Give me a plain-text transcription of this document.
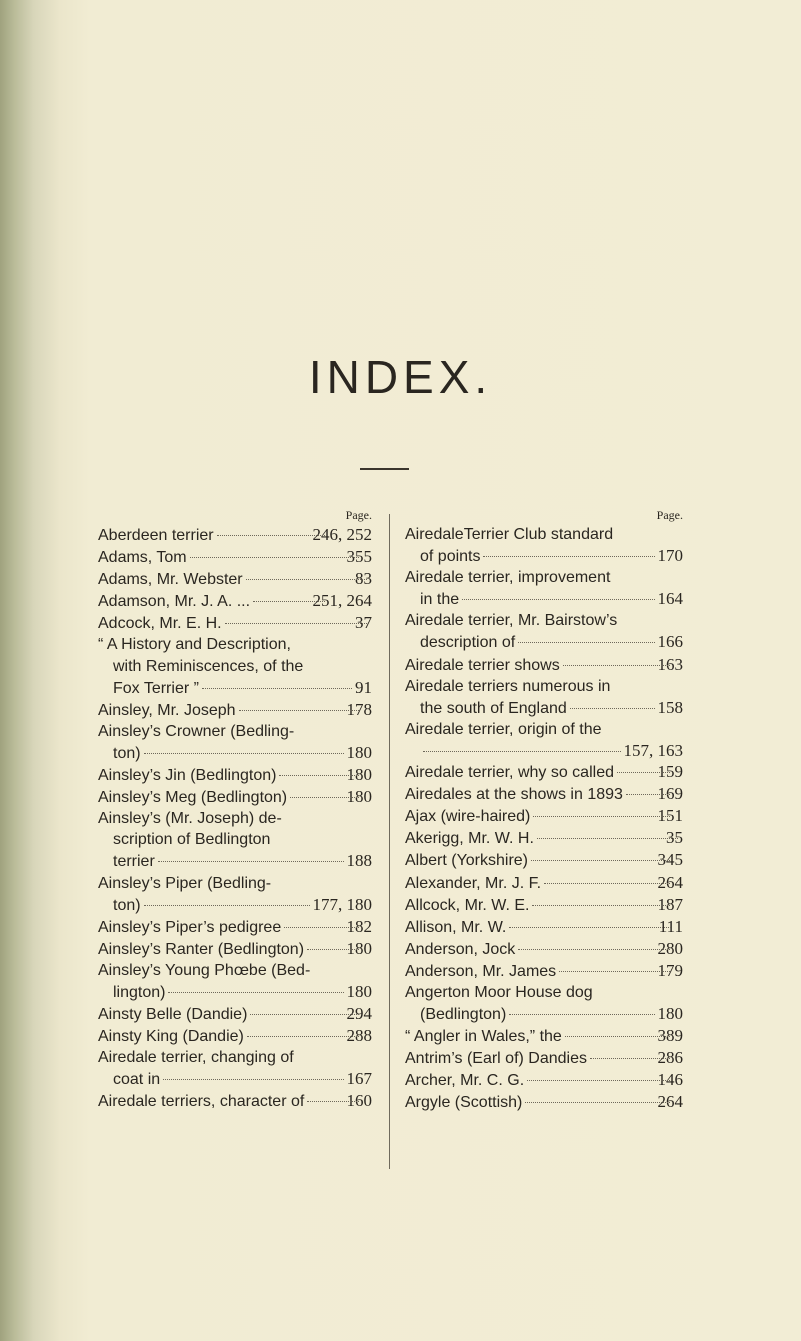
INDEX.
Page.
Aberdeen terrier	246, 252
Adams, Tom	355
Adams, Mr. Webster	83
Adamson, Mr. J. A. ...	251, 264
Adcock, Mr. E. H.	37
“ A History and Description,
with Reminiscences, of the
Fox Terrier ”	91
Ainsley, Mr. Joseph	178
Ainsley’s Crowner (Bedling-
ton)	180
Ainsley’s Jin (Bedlington)	180
Ainsley’s Meg (Bedlington)	180
Ainsley’s (Mr. Joseph) de-
scription of Bedlington
terrier	188
Ainsley’s Piper (Bedling-
ton)	177, 180
Ainsley’s Piper’s pedigree	182
Ainsley’s Ranter (Bedlington) 180
Ainsley’s Young Phœbe (Bed-
lington)	180
Ainsty Belle (Dandie)	294
Ainsty King (Dandie)	288
Airedale terrier, changing of
coat in	167
Airedale terriers, character of 160
Page.
AiredaleTerrier Club standard
of points	170
Airedale terrier, improvement
in the	164
Airedale terrier, Mr. Bairstow’s
description of	166
Airedale terrier shows	163
Airedale terriers numerous in
the south of England	158
Airedale terrier, origin of the
157, 163
Airedale terrier, why so called	159
Airedales at the shows in 1893 169
Ajax (wire-haired)	151
Akerigg, Mr. W. H.	35
Albert (Yorkshire)	345
Alexander, Mr. J. F.	264
Allcock, Mr. W. E.	187
Allison, Mr. W.	111
Anderson, Jock	280
Anderson, Mr. James	179
Angerton Moor House dog
(Bedlington)	180
“ Angler in Wales,” the	389
Antrim’s (Earl of) Dandies	286
Archer, Mr. C. G.	146
Argyle (Scottish)	264
